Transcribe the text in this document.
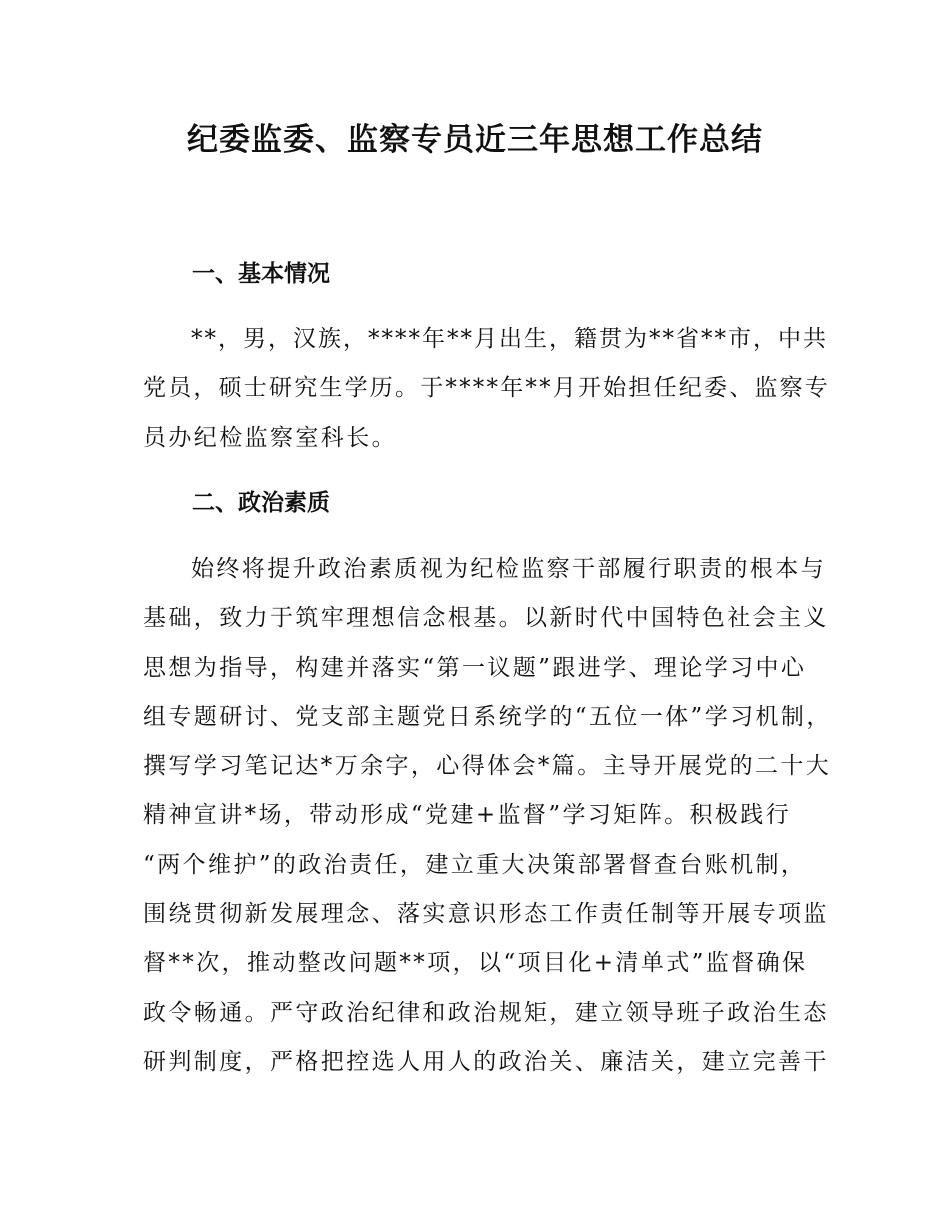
纪委监委、监察专员近三年思想工作总结
一、基本情况
**，男，汉族，****年**月出生，籍贯为**省**市，中共
党员，硕士研究生学历。于****年**月开始担任纪委、监察专
员办纪检监察室科长。
二、政治素质
始终将提升政治素质视为纪检监察干部履行职责的根本与
基础，致力于筑牢理想信念根基。以新时代中国特色社会主义
思想为指导，构建并落实“第一议题”跟进学、理论学习中心
组专题研讨、党支部主题党日系统学的“五位一体”学习机制，
撰写学习笔记达*万余字，心得体会*篇。主导开展党的二十大
精神宣讲*场，带动形成“党建+监督”学习矩阵。积极践行
“两个维护”的政治责任，建立重大决策部署督查台账机制，
围绕贯彻新发展理念、落实意识形态工作责任制等开展专项监
督**次，推动整改问题**项，以“项目化+清单式”监督确保
政令畅通。严守政治纪律和政治规矩，建立领导班子政治生态
研判制度，严格把控选人用人的政治关、廉洁关，建立完善干
